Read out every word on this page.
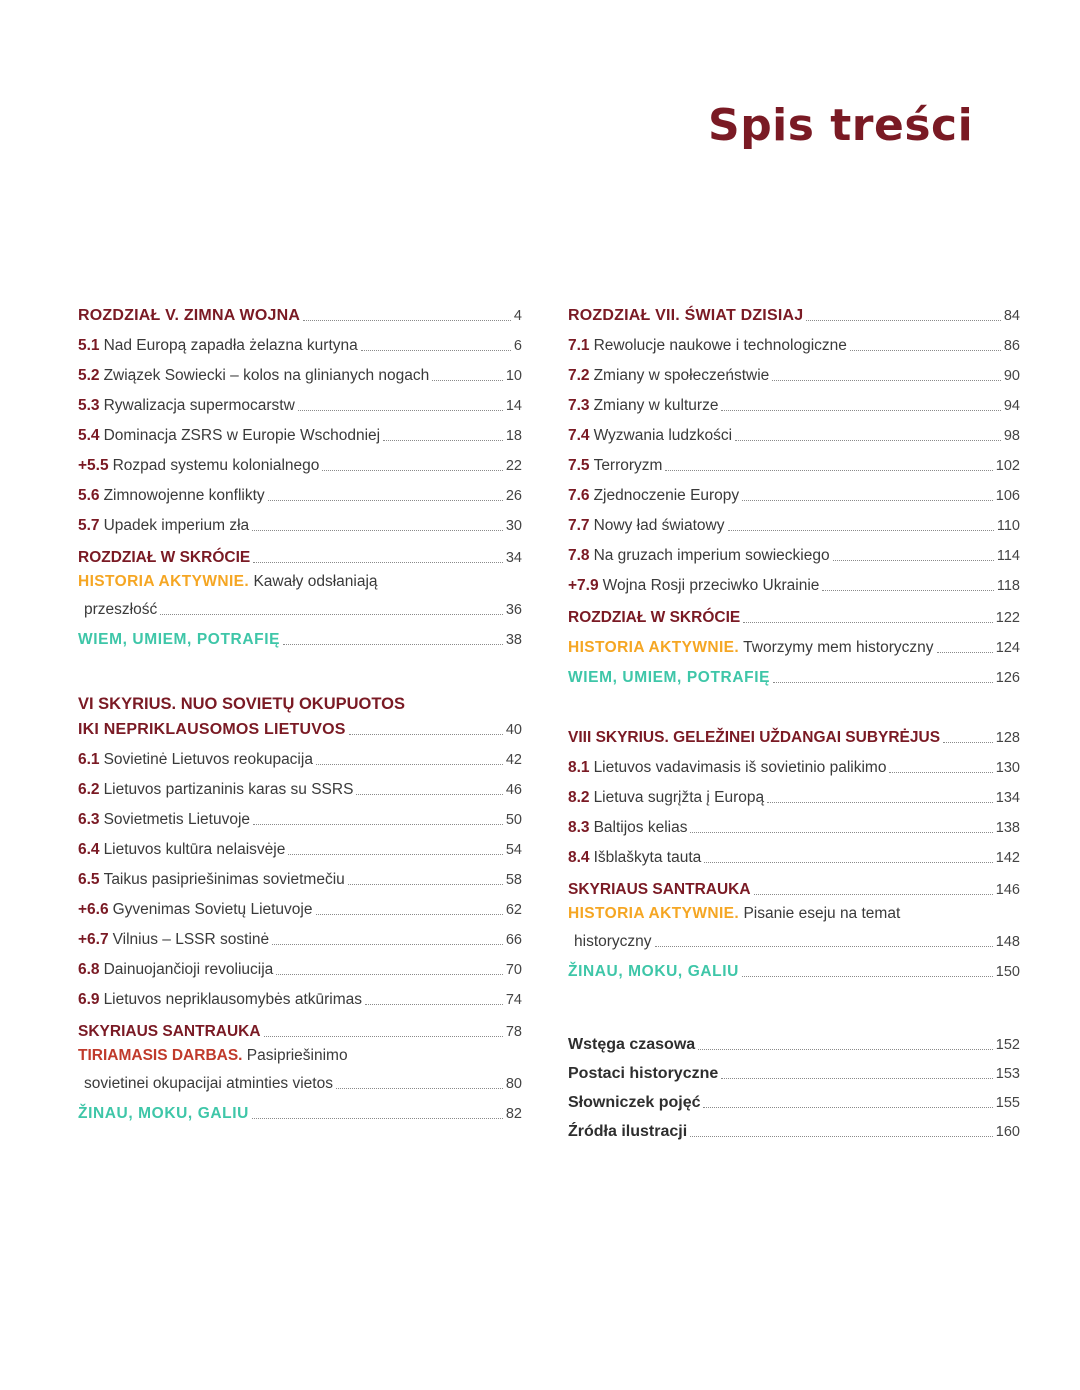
Spis treści
ROZDZIAŁ V. ZIMNA WOJNA	4
5.1 Nad Europą zapadła żelazna kurtyna	6
5.2 Związek Sowiecki – kolos na glinianych nogach	10
5.3 Rywalizacja supermocarstw	14
5.4 Dominacja ZSRS w Europie Wschodniej	18
+5.5 Rozpad systemu kolonialnego	22
5.6 Zimnowojenne konflikty	26
5.7 Upadek imperium zła	30
ROZDZIAŁ W SKRÓCIE	34
HISTORIA AKTYWNIE. Kawały odsłaniają
przeszłość	36
WIEM, UMIEM, POTRAFIĘ	38
VI SKYRIUS. NUO SOVIETŲ OKUPUOTOS
IKI NEPRIKLAUSOMOS LIETUVOS	40
6.1 Sovietinė Lietuvos reokupacija	42
6.2 Lietuvos partizaninis karas su SSRS	46
6.3 Sovietmetis Lietuvoje	50
6.4 Lietuvos kultūra nelaisvėje	54
6.5 Taikus pasipriešinimas sovietmečiu	58
+6.6 Gyvenimas Sovietų Lietuvoje	62
+6.7 Vilnius – LSSR sostinė	66
6.8 Dainuojančioji revoliucija	70
6.9 Lietuvos nepriklausomybės atkūrimas	74
SKYRIAUS SANTRAUKA	78
TIRIAMASIS DARBAS. Pasipriešinimo
sovietinei okupacijai atminties vietos	80
ŽINAU, MOKU, GALIU	82
ROZDZIAŁ VII. ŚWIAT DZISIAJ	84
7.1 Rewolucje naukowe i technologiczne	86
7.2 Zmiany w społeczeństwie	90
7.3 Zmiany w kulturze	94
7.4 Wyzwania ludzkości	98
7.5 Terroryzm	102
7.6 Zjednoczenie Europy	106
7.7 Nowy ład światowy	110
7.8 Na gruzach imperium sowieckiego	114
+7.9 Wojna Rosji przeciwko Ukrainie	118
ROZDZIAŁ W SKRÓCIE	122
HISTORIA AKTYWNIE. Tworzymy mem historyczny	124
WIEM, UMIEM, POTRAFIĘ	126
VIII SKYRIUS. GELEŽINEI UŽDANGAI SUBYRĖJUS	128
8.1 Lietuvos vadavimasis iš sovietinio palikimo	130
8.2 Lietuva sugrįžta į Europą	134
8.3 Baltijos kelias	138
8.4 Išblaškyta tauta	142
SKYRIAUS SANTRAUKA	146
HISTORIA AKTYWNIE. Pisanie eseju na temat
historyczny	148
ŽINAU, MOKU, GALIU	150
Wstęga czasowa	152
Postaci historyczne	153
Słowniczek pojęć	155
Źródła ilustracji	160
